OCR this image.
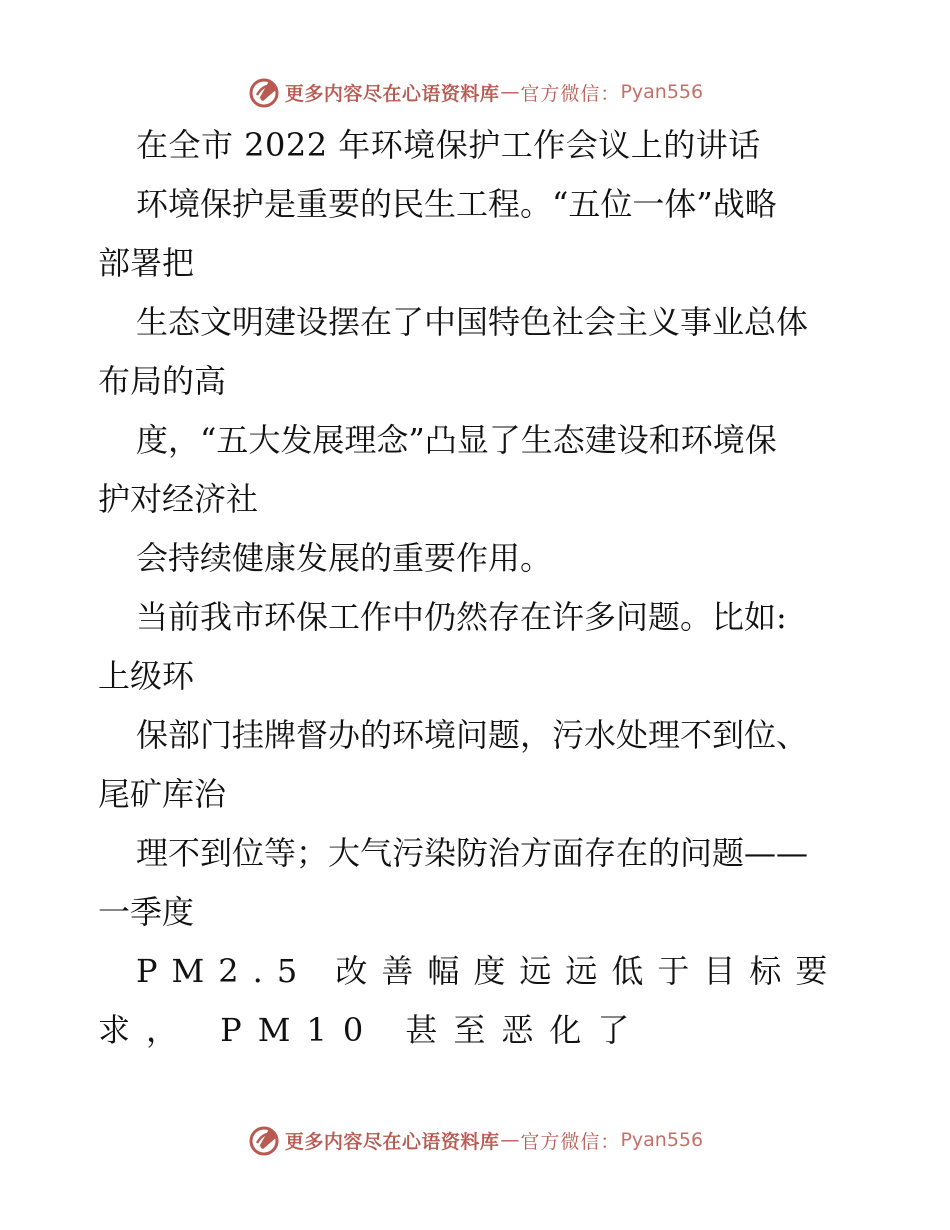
更多内容尽在心语资料库 — 官方微信： Pyan556
在全市 2022 年环境保护工作会议上的讲话
环境保护是重要的民生工程。“五位一体”战略
部署把
生态文明建设摆在了中国特色社会主义事业总体
布局的高
度，“五大发展理念”凸显了生态建设和环境保
护对经济社
会持续健康发展的重要作用。
当前我市环保工作中仍然存在许多问题。比如:
上级环
保部门挂牌督办的环境问题，污水处理不到位、
尾矿库治
理不到位等；大气污染防治方面存在的问题——
一季度
PM2.5 改善幅度远远低于目标要
求， PM10 甚至恶化了
更多内容尽在心语资料库 — 官方微信： Pyan556
